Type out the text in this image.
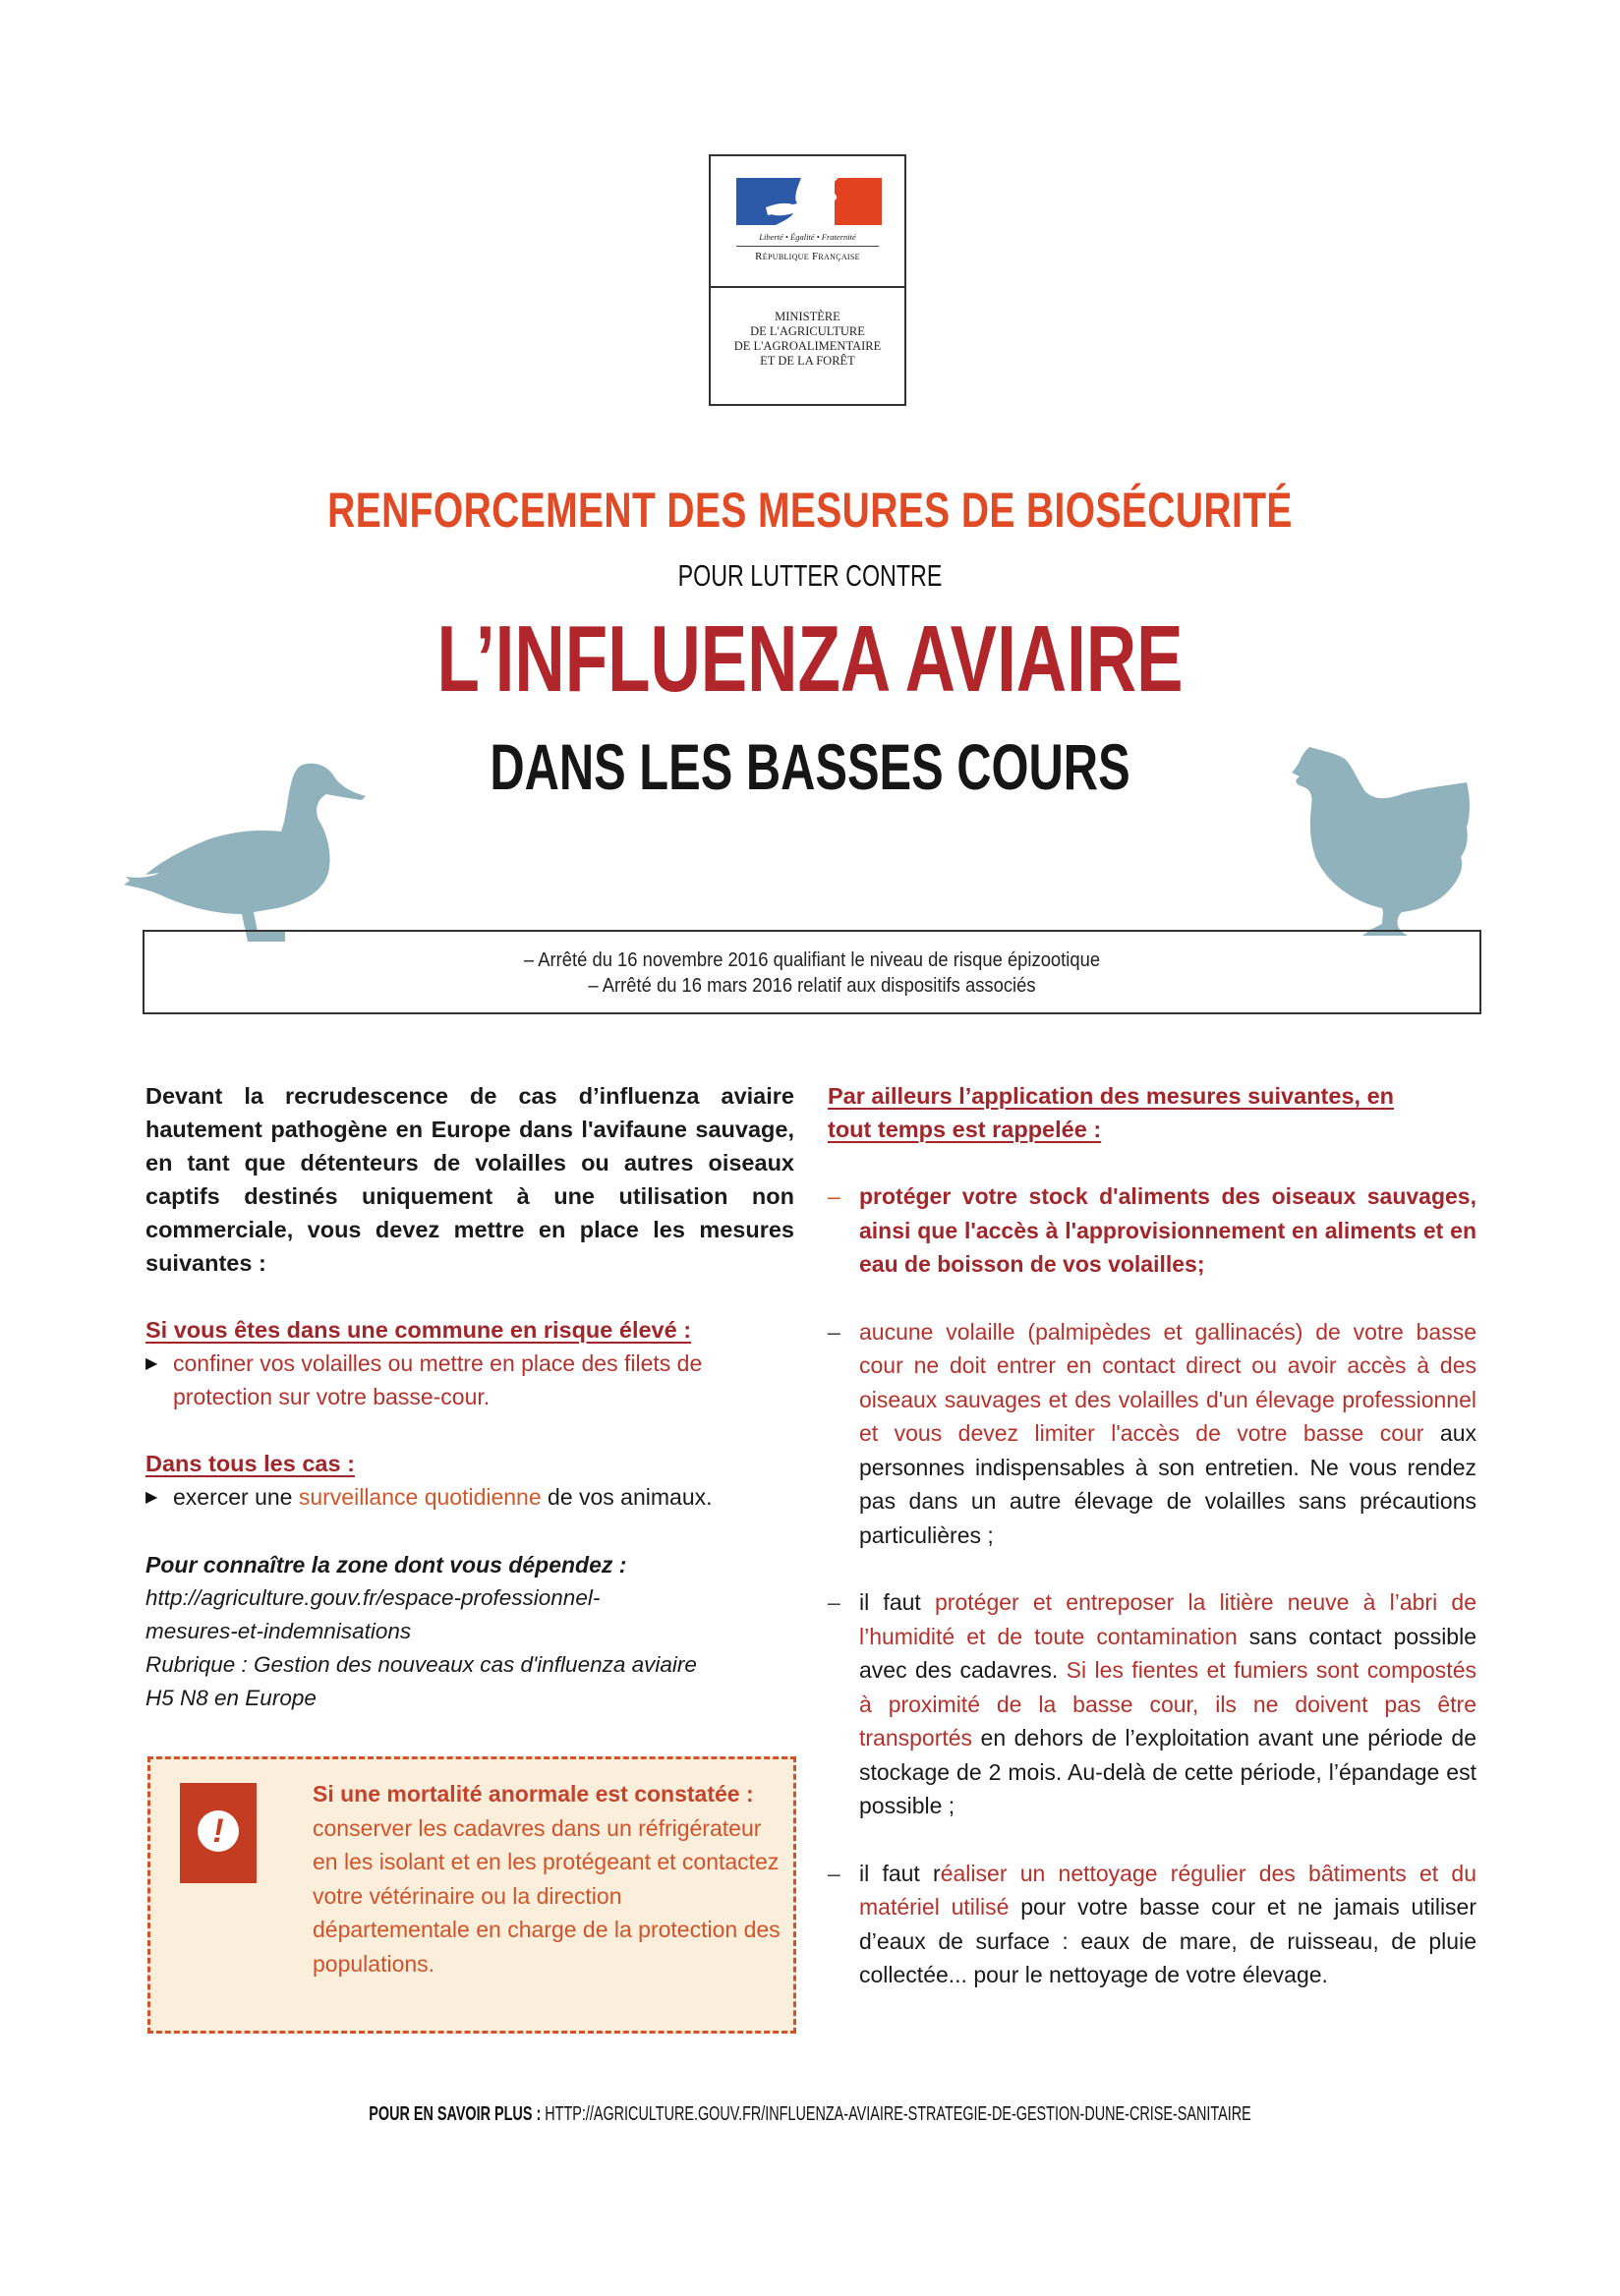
Liberté • Égalité • Fraternité
République Française
MINISTÈRE
DE L'AGRICULTURE
DE L'AGROALIMENTAIRE
ET DE LA FORÊT
RENFORCEMENT DES MESURES DE BIOSÉCURITÉ
POUR LUTTER CONTRE
L’INFLUENZA AVIAIRE
DANS LES BASSES COURS
– Arrêté du 16 novembre 2016 qualifiant le niveau de risque épizootique
– Arrêté du 16 mars 2016 relatif aux dispositifs associés

Devant la recrudescence de cas d’influenza aviaire hautement pathogène en Europe dans l'avifaune sauvage, en tant que détenteurs de volailles ou autres oiseaux captifs destinés uniquement à une utilisation non commerciale, vous devez mettre en place les mesures suivantes :

Si vous êtes dans une commune en risque élevé :

▶ confiner vos volailles ou mettre en place des filets de protection sur votre basse-cour.

Dans tous les cas :

▶ exercer une surveillance quotidienne de vos animaux.

Pour connaître la zone dont vous dépendez :

http://agriculture.gouv.fr/espace-professionnel-

mesures-et-indemnisations

Rubrique : Gestion des nouveaux cas d'influenza aviaire

H5 N8 en Europe

!
Si une mortalité anormale est constatée : conserver les cadavres dans un réfrigérateur en les isolant et en les protégeant et contactez votre vétérinaire ou la direction départementale en charge de la protection des populations.

Par ailleurs l’application des mesures suivantes, en tout temps est rappelée :

– protéger votre stock d'aliments des oiseaux sauvages, ainsi que l'accès à l'approvisionnement en aliments et en eau de boisson de vos volailles;
– aucune volaille (palmipèdes et gallinacés) de votre basse cour ne doit entrer en contact direct ou avoir accès à des oiseaux sauvages et des volailles d'un élevage professionnel et vous devez limiter l'accès de votre basse cour aux personnes indispensables à son entretien. Ne vous rendez pas dans un autre élevage de volailles sans précautions particulières ;
– il faut protéger et entreposer la litière neuve à l’abri de l’humidité et de toute contamination sans contact possible avec des cadavres. Si les fientes et fumiers sont compostés à proximité de la basse cour, ils ne doivent pas être transportés en dehors de l’exploitation avant une période de stockage de 2 mois. Au-delà de cette période, l’épandage est possible ;
– il faut réaliser un nettoyage régulier des bâtiments et du matériel utilisé pour votre basse cour et ne jamais utiliser d’eaux de surface : eaux de mare, de ruisseau, de pluie collectée... pour le nettoyage de votre élevage.
POUR EN SAVOIR PLUS : HTTP://AGRICULTURE.GOUV.FR/INFLUENZA-AVIAIRE-STRATEGIE-DE-GESTION-DUNE-CRISE-SANITAIRE
